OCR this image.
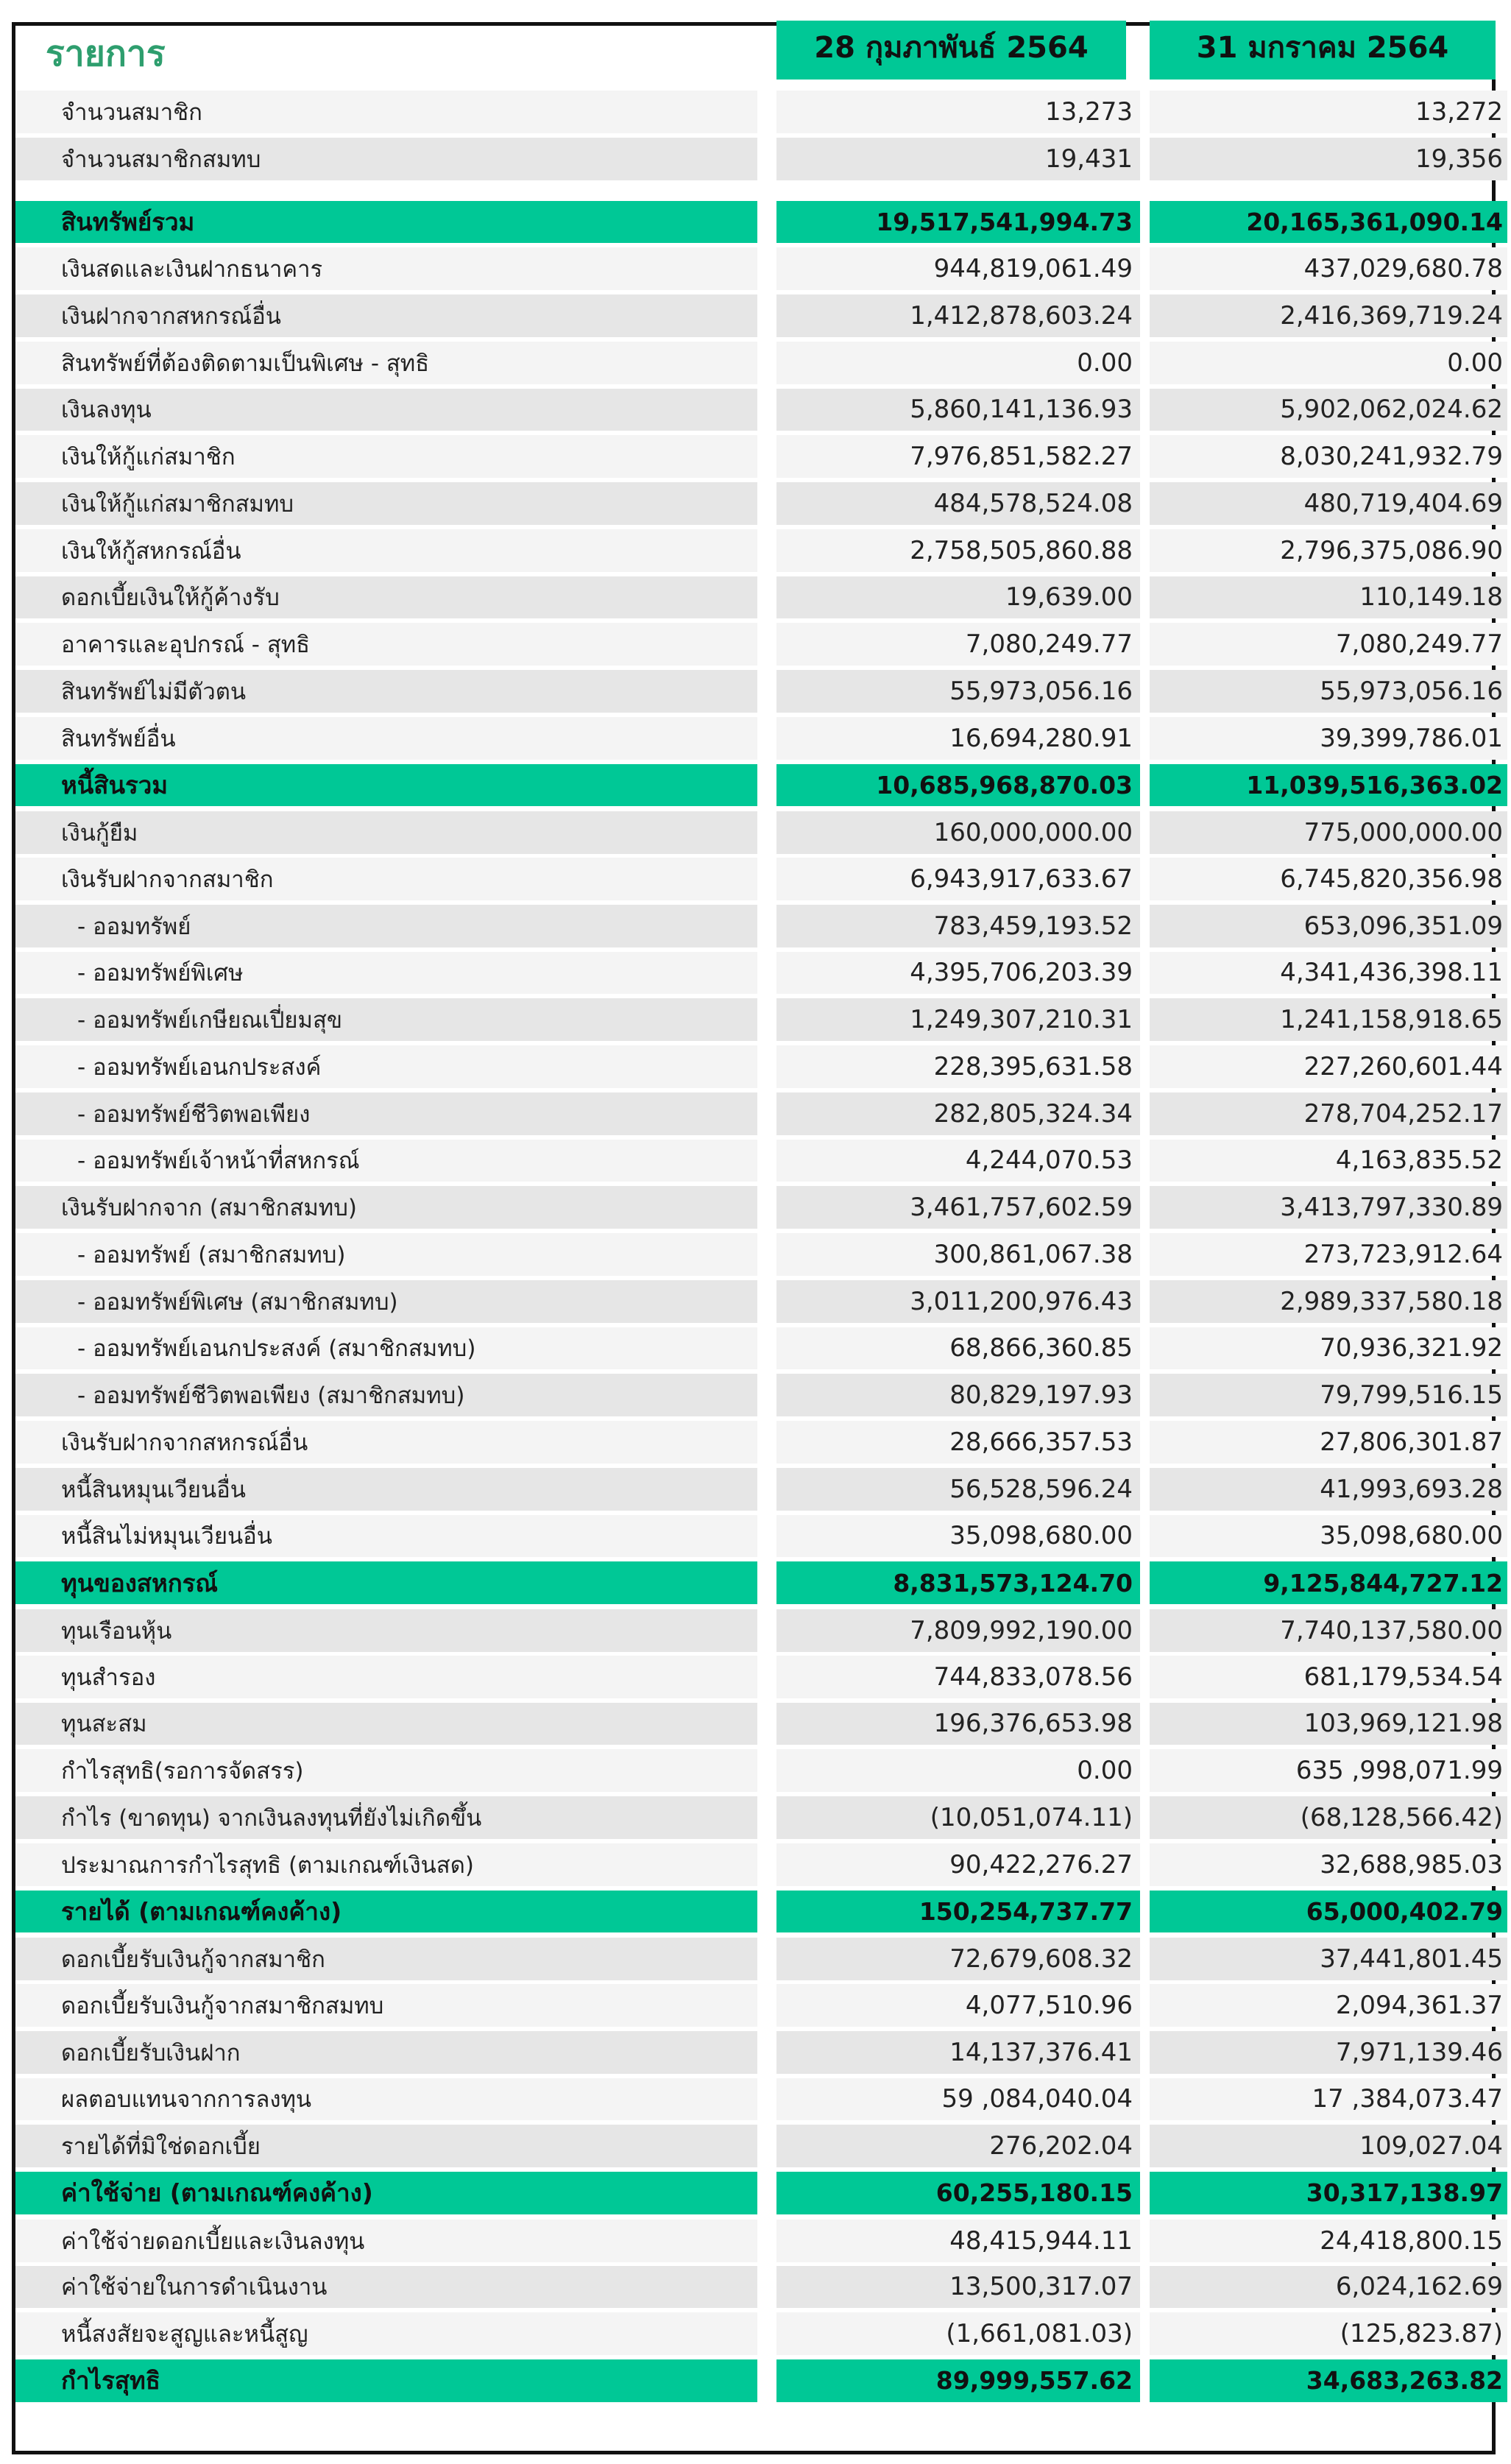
รายการ	28 กุมภาพันธ์ 2564	31 มกราคม 2564
จำนวนสมาชิก	13,273	13,272
จำนวนสมาชิกสมทบ	19,431	19,356
สินทรัพย์รวม	19,517,541,994.73	20,165,361,090.14
เงินสดและเงินฝากธนาคาร	944,819,061.49	437,029,680.78
เงินฝากจากสหกรณ์อื่น	1,412,878,603.24	2,416,369,719.24
สินทรัพย์ที่ต้องติดตามเป็นพิเศษ - สุทธิ	0.00	0.00
เงินลงทุน	5,860,141,136.93	5,902,062,024.62
เงินให้กู้แก่สมาชิก	7,976,851,582.27	8,030,241,932.79
เงินให้กู้แก่สมาชิกสมทบ	484,578,524.08	480,719,404.69
เงินให้กู้สหกรณ์อื่น	2,758,505,860.88	2,796,375,086.90
ดอกเบี้ยเงินให้กู้ค้างรับ	19,639.00	110,149.18
อาคารและอุปกรณ์ - สุทธิ	7,080,249.77	7,080,249.77
สินทรัพย์ไม่มีตัวตน	55,973,056.16	55,973,056.16
สินทรัพย์อื่น	16,694,280.91	39,399,786.01
หนี้สินรวม	10,685,968,870.03	11,039,516,363.02
เงินกู้ยืม	160,000,000.00	775,000,000.00
เงินรับฝากจากสมาชิก	6,943,917,633.67	6,745,820,356.98
- ออมทรัพย์	783,459,193.52	653,096,351.09
- ออมทรัพย์พิเศษ	4,395,706,203.39	4,341,436,398.11
- ออมทรัพย์เกษียณเปี่ยมสุข	1,249,307,210.31	1,241,158,918.65
- ออมทรัพย์เอนกประสงค์	228,395,631.58	227,260,601.44
- ออมทรัพย์ชีวิตพอเพียง	282,805,324.34	278,704,252.17
- ออมทรัพย์เจ้าหน้าที่สหกรณ์	4,244,070.53	4,163,835.52
เงินรับฝากจาก (สมาชิกสมทบ)	3,461,757,602.59	3,413,797,330.89
- ออมทรัพย์ (สมาชิกสมทบ)	300,861,067.38	273,723,912.64
- ออมทรัพย์พิเศษ (สมาชิกสมทบ)	3,011,200,976.43	2,989,337,580.18
- ออมทรัพย์เอนกประสงค์ (สมาชิกสมทบ)	68,866,360.85	70,936,321.92
- ออมทรัพย์ชีวิตพอเพียง (สมาชิกสมทบ)	80,829,197.93	79,799,516.15
เงินรับฝากจากสหกรณ์อื่น	28,666,357.53	27,806,301.87
หนี้สินหมุนเวียนอื่น	56,528,596.24	41,993,693.28
หนี้สินไม่หมุนเวียนอื่น	35,098,680.00	35,098,680.00
ทุนของสหกรณ์	8,831,573,124.70	9,125,844,727.12
ทุนเรือนหุ้น	7,809,992,190.00	7,740,137,580.00
ทุนสำรอง	744,833,078.56	681,179,534.54
ทุนสะสม	196,376,653.98	103,969,121.98
กำไรสุทธิ(รอการจัดสรร)	0.00	635 ,998,071.99
กำไร (ขาดทุน) จากเงินลงทุนที่ยังไม่เกิดขึ้น	(10,051,074.11)	(68,128,566.42)
ประมาณการกำไรสุทธิ (ตามเกณฑ์เงินสด)	90,422,276.27	32,688,985.03
รายได้ (ตามเกณฑ์คงค้าง)	150,254,737.77	65,000,402.79
ดอกเบี้ยรับเงินกู้จากสมาชิก	72,679,608.32	37,441,801.45
ดอกเบี้ยรับเงินกู้จากสมาชิกสมทบ	4,077,510.96	2,094,361.37
ดอกเบี้ยรับเงินฝาก	14,137,376.41	7,971,139.46
ผลตอบแทนจากการลงทุน	59 ,084,040.04	17 ,384,073.47
รายได้ที่มิใช่ดอกเบี้ย	276,202.04	109,027.04
ค่าใช้จ่าย (ตามเกณฑ์คงค้าง)	60,255,180.15	30,317,138.97
ค่าใช้จ่ายดอกเบี้ยและเงินลงทุน	48,415,944.11	24,418,800.15
ค่าใช้จ่ายในการดำเนินงาน	13,500,317.07	6,024,162.69
หนี้สงสัยจะสูญและหนี้สูญ	(1,661,081.03)	(125,823.87)
กำไรสุทธิ	89,999,557.62	34,683,263.82
